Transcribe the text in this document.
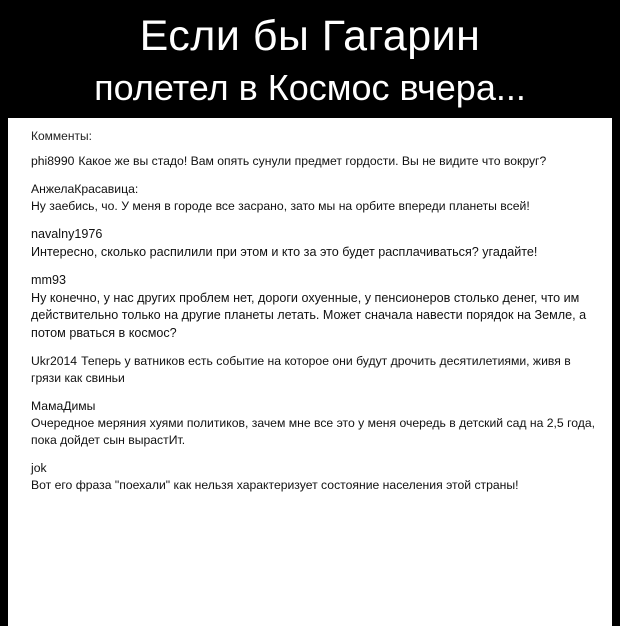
Если бы Гагарин
полетел в Космос вчера...
Комменты:
phi8990 Какое же вы стадо! Вам опять сунули предмет гордости. Вы не видите что вокруг?
АнжелаКрасавица:
Ну заебись, чо. У меня в городе все засрано, зато мы на орбите впереди планеты всей!
navalny1976
Интересно, сколько распилили при этом и кто за это будет расплачиваться? угадайте!
mm93
Ну конечно, у нас других проблем нет, дороги охуенные, у пенсионеров столько денег, что им действительно только на другие планеты летать. Может сначала навести порядок на Земле, а потом рваться в космос?
Ukr2014 Теперь у ватников есть событие на которое они будут дрочить десятилетиями, живя в грязи как свиньи
МамаДимы
Очередное меряния хуями политиков, зачем мне все это у меня очередь в детский сад на 2,5 года, пока дойдет сын вырастИт.
jok
Вот его фраза "поехали" как нельзя характеризует состояние населения этой страны!
